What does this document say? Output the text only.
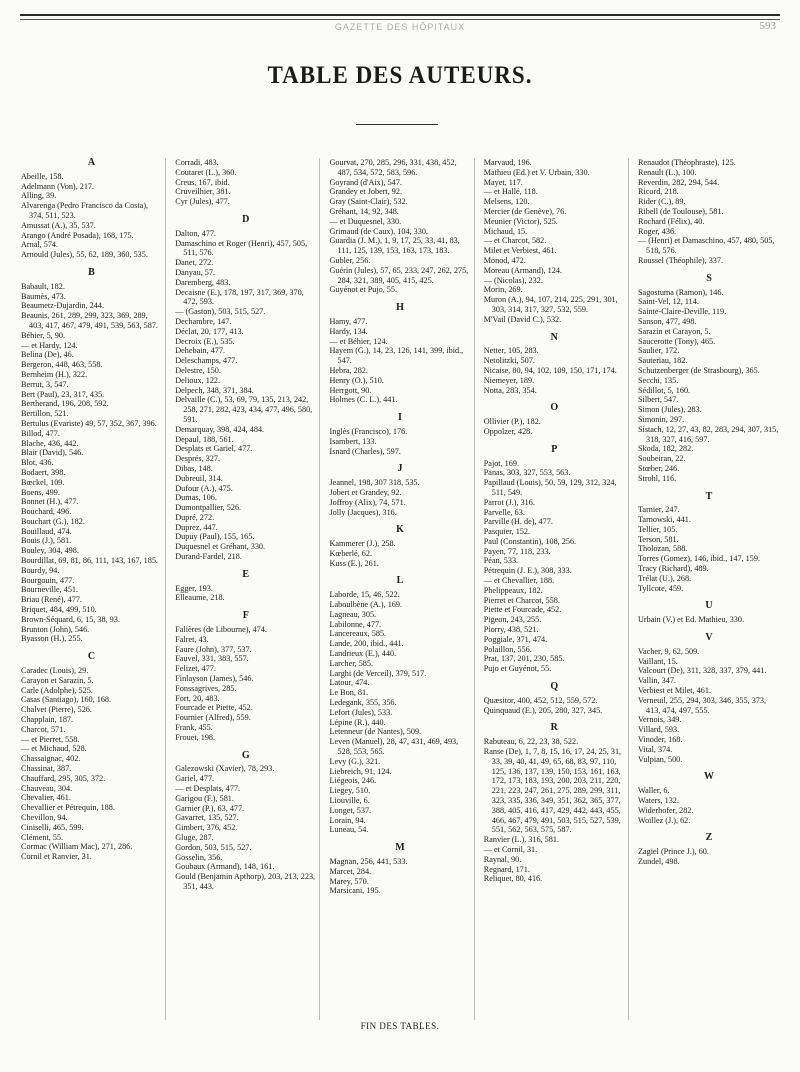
GAZETTE DES HÔPITAUX	593
TABLE DES AUTEURS.
A
Abeille, 158.
Adelmann (Von), 217.
Alling, 39.
Alvarenga (Pedro Francisco da Costa), 374, 511, 523.
Amussat (A.), 35, 537.
Arango (André Posada), 168, 175.
Arnal, 574.
Arnould (Jules), 55, 62, 189, 360, 535.
B
Babault, 182.
Baumès, 473.
Beaumetz-Dujardin, 244.
Beaunis, 261, 289, 299, 323, 369, 289, 403, 417, 467, 479, 491, 539, 563, 587.
Béhier, 5, 90.
— et Hardy, 124.
Belina (De), 46.
Bergeron, 448, 463, 558.
Bernheim (H.), 322.
Berrut, 3, 547.
Bert (Paul), 23, 317, 435.
Bertherand, 196, 208, 592.
Bertillon, 521.
Bertulus (Evariste) 49, 57, 352, 367, 396.
Billod, 477.
Blache, 436, 442.
Blair (David), 546.
Blot, 436.
Bodaert, 398.
Bœckel, 109.
Boens, 499.
Bonnet (H.), 477.
Bouchard, 496.
Bouchart (G.), 182.
Bouillaud, 474.
Bouis (J.), 581.
Bouley, 304, 498.
Bourdillat, 69, 81, 86, 111, 143, 167, 185.
Bourdy, 94.
Bourgouin, 477.
Bourneville, 451.
Briau (René), 477.
Briquet, 484, 499, 510.
Brown-Séquard, 6, 15, 38, 93.
Brunton (John), 546.
Byasson (H.), 255.
C
Caradec (Louis), 29.
Carayon et Sarazin, 5.
Carle (Adolphe), 525.
Casas (Santiago), 160, 168.
Chalvet (Pierre), 526.
Chapplain, 187.
Charcot, 571.
— et Pierret, 558.
— et Michaud, 528.
Chassaignac, 402.
Chassinat, 387.
Chauffard, 295, 305, 372.
Chauveau, 304.
Chevalier, 461.
Chevallier et Pétrequin, 188.
Chevillon, 94.
Ciniselli, 465, 599.
Clément, 55.
Cormac (William Mac), 271, 286.
Cornil et Ranvier, 31.
Corradi, 483.
Coutaret (L.), 360.
Creus, 167, ibid.
Cruveilhier, 381.
Cyr (Jules), 477.
D
Dalton, 477.
Damaschino et Roger (Henri), 457, 505, 511, 576.
Danet, 272.
Danyau, 57.
Daremberg, 483.
Decaisne (E.), 178, 197, 317, 369, 370, 472, 593.
— (Gaston), 503, 515, 527.
Dechambre, 147.
Déclat, 20, 177, 413.
Decroix (E.), 535.
Dehebain, 477.
Deleschamps, 477.
Delestre, 150.
Delioux, 122.
Delpech, 348, 371, 384.
Delvaille (C.), 53, 69, 79, 135, 213, 242, 258, 271, 282, 423, 434, 477, 496, 580, 591.
Demarquay, 398, 424, 484.
Depaul, 188, 561.
Desplats et Gariel, 477.
Després, 327.
Dibas, 148.
Dubreuil, 314.
Dufour (A.), 475.
Dumas, 106.
Dumontpallier, 526.
Dupré, 272.
Duprez, 447.
Dupuy (Paul), 155, 165.
Duquesnel et Gréhant, 330.
Durand-Fardel, 218.
E
Egger, 193.
Elleaume, 218.
F
Falières (de Libourne), 474.
Falret, 43.
Faure (John), 377, 537.
Fauvel, 331, 383, 557.
Felizet, 477.
Finlayson (James), 546.
Fonssagrives, 285.
Fort, 20, 483.
Fourcade et Piette, 452.
Fournier (Alfred), 559.
Frank, 455.
Frouet, 198.
G
Galezowski (Xavier), 78, 293.
Gariel, 477.
— et Desplats, 477.
Garigou (F.), 581.
Garnier (P.), 63, 477.
Gavarret, 135, 527.
Gimbert, 376, 452.
Gluge, 287.
Gordon, 503, 515, 527.
Gosselin, 356.
Goubaux (Armand), 148, 161.
Gould (Benjamin Apthorp), 203, 213, 223, 351, 443.
Gourvat, 270, 285, 296, 331, 438, 452, 487, 534, 572, 583, 596.
Goyrand (d'Aix), 547.
Grandey et Jobert, 92.
Gray (Saint-Clair), 532.
Gréhant, 14, 92, 348.
— et Duquesnel, 330.
Grimaud (de Caux), 104, 330.
Guardia (J. M.), 1, 9, 17, 25, 33, 41, 83, 111, 125, 139, 153, 163, 173, 183.
Gubler, 256.
Guérin (Jules), 57, 65, 233, 247, 262, 275, 284, 321, 389, 405, 415, 425.
Guyénot et Pujo, 55.
H
Hamy, 477.
Hardy, 134.
— et Béhier, 124.
Hayem (G.), 14, 23, 126, 141, 399, ibid., 547.
Hebra, 282.
Henry (O.), 510.
Herrgott, 90.
Holmes (C. L.), 441.
I
Inglès (Francisco), 176.
Isambert, 133.
Isnard (Charles), 597.
J
Jeannel, 198, 307 318, 535.
Jobert et Grandey, 92.
Joffroy (Alix), 74, 571.
Jolly (Jacques), 316.
K
Kammerer (J.), 258.
Kœberlé, 62.
Kuss (E.), 261.
L
Laborde, 15, 46, 522.
Laboulbène (A.), 169.
Lagneau, 305.
Labilonne, 477.
Lancereaux, 585.
Lande, 200, ibid., 441.
Landrieux (E.), 440.
Larcher, 585.
Larghi (de Verceil), 379, 517.
Latour, 474.
Le Bon, 81.
Ledegank, 355, 356.
Lefort (Jules), 533.
Lépine (R.), 440.
Letenneur (de Nantes), 509.
Leven (Manuel), 28, 47, 431, 469, 493, 528, 553, 565.
Levy (G.), 321.
Liebreich, 91, 124.
Liégeois, 246.
Liegey, 510.
Liouville, 6.
Longet, 537.
Lorain, 94.
Luneau, 54.
M
Magnan, 256, 441, 533.
Marcet, 284.
Marey, 570.
Marsicani, 195.
Marvaud, 196.
Mathieu (Ed.) et V. Urbain, 330.
Mayet, 117.
— et Hallé, 118.
Melsens, 120.
Mercier (de Genève), 76.
Meunier (Victor), 525.
Michaud, 15.
— et Charcot, 582.
Milet et Verbiest, 461.
Monod, 472.
Moreau (Armand), 124.
— (Nicolas), 232.
Morin, 269.
Muron (A.), 94, 107, 214, 225, 291, 301, 303, 314, 317, 327, 532, 559.
M'Vail (David C.), 532.
N
Netter, 105, 283.
Netolitzki, 507.
Nicaise, 80, 94, 102, 109, 150, 171, 174.
Niemeyer, 189.
Notta, 283, 354.
O
Ollivier (P.), 182.
Oppolzer, 428.
P
Pajot, 169.
Panas, 303, 327, 553, 563.
Papillaud (Louis), 50, 59, 129, 312, 324, 511, 549.
Parrot (J.), 316.
Parvelle, 63.
Parville (H. de), 477.
Pasquier, 152.
Paul (Constantin), 108, 256.
Payen, 77, 118, 233.
Péan, 533.
Pétrequin (J. E.), 308, 333.
— et Chevallier, 188.
Phelippeaux, 182.
Pierret et Charcot, 558.
Piette et Fourcade, 452.
Pigeon, 243, 255.
Piorry, 438, 521.
Poggiale, 371, 474.
Polaillon, 556.
Prat, 137, 201, 230, 585.
Pujo et Guyénot, 55.
Q
Quæsitor, 400, 452, 512, 559, 572.
Quinquaud (E.), 205, 280, 327, 345.
R
Rabuteau, 6, 22, 23, 38, 522.
Ranse (De), 1, 7, 8, 15, 16, 17, 24, 25, 31, 33, 39, 40, 41, 49, 65, 68, 83, 97, 110, 125, 136, 137, 139, 150, 153, 161, 163, 172, 173, 183, 193, 200, 203, 211, 220, 221, 223, 247, 261, 275, 289, 299, 311, 323, 335, 336, 349, 351, 362, 365, 377, 388, 405, 416, 417, 429, 442, 443, 455, 466, 467, 479, 491, 503, 515, 527, 539, 551, 562, 563, 575, 587.
Ranvier (L.), 316, 581.
— et Cornil, 31.
Raynal, 90.
Regnard, 171.
Reliquet, 80, 416.
Renaudot (Théophraste), 125.
Renault (L.), 100.
Reverdin, 282, 294, 544.
Ricord, 218.
Rider (C.), 89.
Ribell (de Toulouse), 581.
Rochard (Félix), 40.
Roger, 436.
— (Henri) et Damaschino, 457, 480, 505, 518, 576.
Roussel (Théophile), 337.
S
Sagostuma (Ramon), 146.
Saint-Vel, 12, 114.
Sainte-Claire-Deville, 119.
Sanson, 477, 498.
Sarazin et Carayon, 5.
Saucerotte (Tony), 465.
Saulier, 172.
Sauteriau, 182.
Schutzenberger (de Strasbourg), 365.
Secchi, 135.
Sédillot, 5, 160.
Silbert, 547.
Simon (Jules), 283.
Simonin, 297.
Sistach, 12, 27, 43, 82, 283, 294, 307, 315, 318, 327, 416, 597.
Skoda, 182, 282.
Soubeiran, 22.
Stœber, 246.
Strohl, 116.
T
Tarnier, 247.
Tarnowski, 441.
Tellier, 105.
Terson, 581.
Tholozan, 588.
Torres (Gomez), 146, ibid., 147, 159.
Tracy (Richard), 489.
Trélat (U.), 268.
Tyllcote, 459.
U
Urbain (V.) et Ed. Mathieu, 330.
V
Vacher, 9, 62, 509.
Vaillant, 15.
Valcourt (De), 311, 328, 337, 379, 441.
Vallin, 347.
Verbiest et Milet, 461.
Verneuil, 255, 294, 303, 346, 355, 373, 413, 474, 497, 555.
Vernois, 349.
Villard, 593.
Vinoder, 168.
Vital, 374.
Vulpian, 500.
W
Waller, 6.
Waters, 132.
Widerhofer, 282.
Woillez (J.), 62.
Z
Zagiel (Prince J.), 60.
Zundel, 498.
FIN DES TABLES.
